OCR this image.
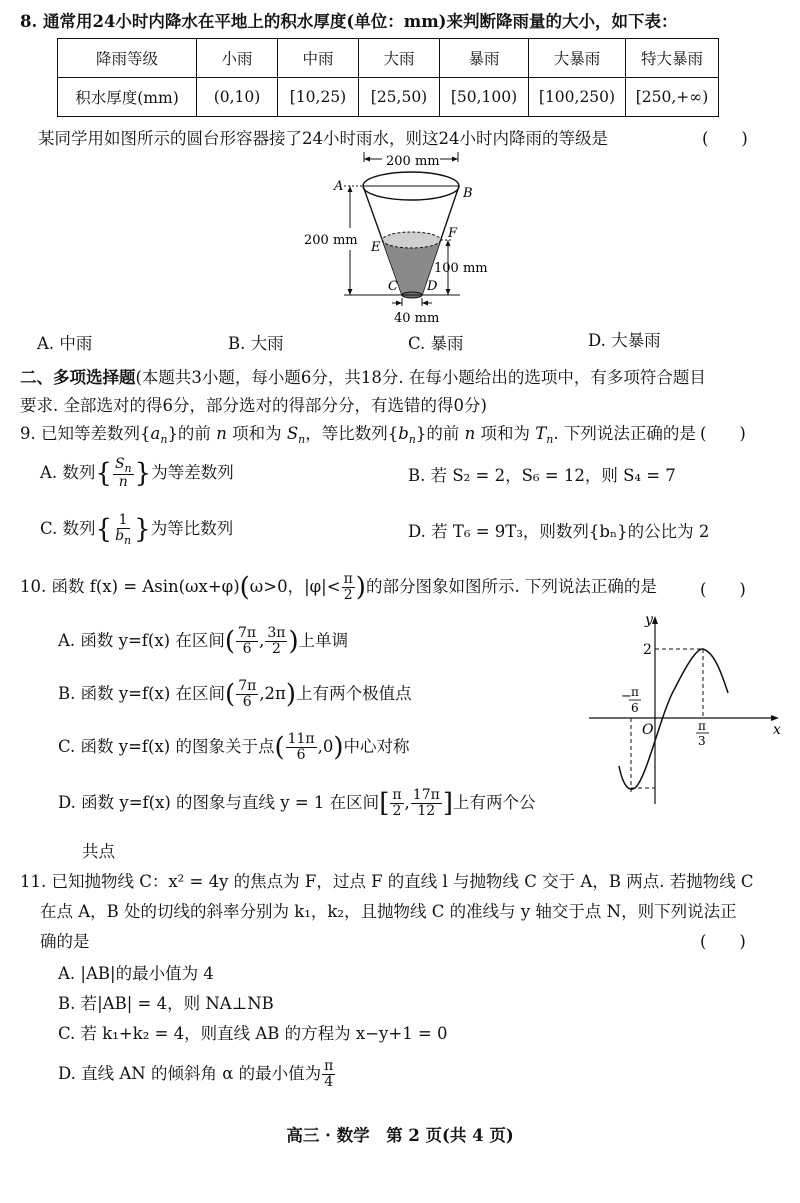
8. 通常用24小时内降水在平地上的积水厚度(单位：mm)来判断降雨量的大小，如下表：
降雨等级	小雨	中雨	大雨	暴雨	大暴雨	特大暴雨
积水厚度(mm)	(0,10)	[10,25)	[25,50)	[50,100)	[100,250)	[250,+∞)
某同学用如图所示的圆台形容器接了24小时雨水，则这24小时内降雨的等级是	(　　)
200 mm
200 mm
100 mm
40 mm
A	B
E
F
C D
A. 中雨	B. 大雨	C. 暴雨	D. 大暴雨
二、多项选择题(本题共3小题，每小题6分，共18分. 在每小题给出的选项中，有多项符合题目
要求. 全部选对的得6分，部分选对的得部分分，有选错的得0分)
9. 已知等差数列$\{a_n\}$的前 n 项和为 $S_n$，等比数列$\{b_n\}$的前 n 项和为 $T_n$. 下列说法正确的是 (　　)
A. 数列{ $\frac{S_n}{n}$ }为等差数列	B. 若 S₂ = 2，S₆ = 12，则 S₄ = 7
C. 数列{ $\frac{1}{b_n}$ }为等比数列	D. 若 T₆ = 9T₃，则数列{bₙ}的公比为 2
10. 函数 f(x) = Asin(ωx+φ)(ω>0，$|\varphi|< \frac{\pi}{2}$ )的部分图象如图所示. 下列说法正确的是	(　　)
A. 函数 y=f(x) 在区间( $\frac{7\pi}{6}$ , $\frac{3\pi}{2}$ )上单调
B. 函数 y=f(x) 在区间( $\frac{7\pi}{6} ,2\pi$)上有两个极值点
C. 函数 y=f(x) 的图象关于点( $\frac{11\pi}{6} ,0$)中心对称
D. 函数 y=f(x) 的图象与直线 y = 1 在区间[ $\frac{\pi}{2}$ , $\frac{17\pi}{12}$ ]上有两个公
共点
y
x
O
2
− π
6
π
3
11. 已知抛物线 C：x² = 4y 的焦点为 F，过点 F 的直线 l 与抛物线 C 交于 A，B 两点. 若抛物线 C
在点 A，B 处的切线的斜率分别为 k₁，k₂，且抛物线 C 的准线与 y 轴交于点 N，则下列说法正
确的是	(　　)
A. |AB|的最小值为 4
B. 若|AB| = 4，则 NA⊥NB
C. 若 k₁+k₂ = 4，则直线 AB 的方程为 x−y+1 = 0
D. 直线 AN 的倾斜角 α 的最小值为 $\frac{\pi}{4}$
高三 · 数学　第 2 页(共 4 页)
